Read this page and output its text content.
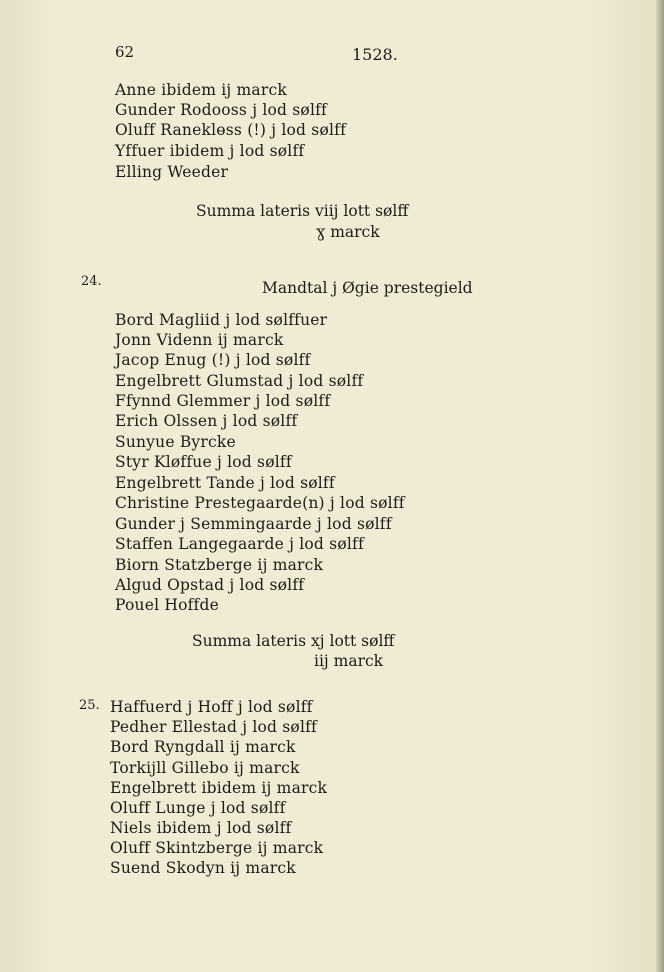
62	1528.
Anne ibidem ij marck
Gunder Rodooss j lod sølff
Oluff Raneklөss (!) j lod sølff
Yffuer ibidem j lod sølff
Elling Weeder
Summa lateris viij lott sølff
ɣ marck
24.	Mandtal j Øgie prestegield
Bord Magliid j lod sølffuer
Jonn Videnn ij marck
Jacop Enug (!) j lod sølff
Engelbrett Glumstad j lod sølff
Ffynnd Glemmer j lod sølff
Erich Olssen j lod sølff
Sunyue Byrcke
Styr Kløffue j lod sølff
Engelbrett Tande j lod sølff
Christine Prestegaarde(n) j lod sølff
Gunder j Semmingaarde j lod sølff
Staffen Langegaarde j lod sølff
Biorn Statzberge ij marck
Algud Opstad j lod sølff
Pouel Hoffde
Summa lateris xj lott sølff
iij marck
25. Haffuerd j Hoff j lod sølff
Pedher Ellestad j lod sølff
Bord Ryngdall ij marck
Torkijll Gillebo ij marck
Engelbrett ibidem ij marck
Oluff Lunge j lod sølff
Niels ibidem j lod sølff
Oluff Skintzberge ij marck
Suend Skodyn ij marck
